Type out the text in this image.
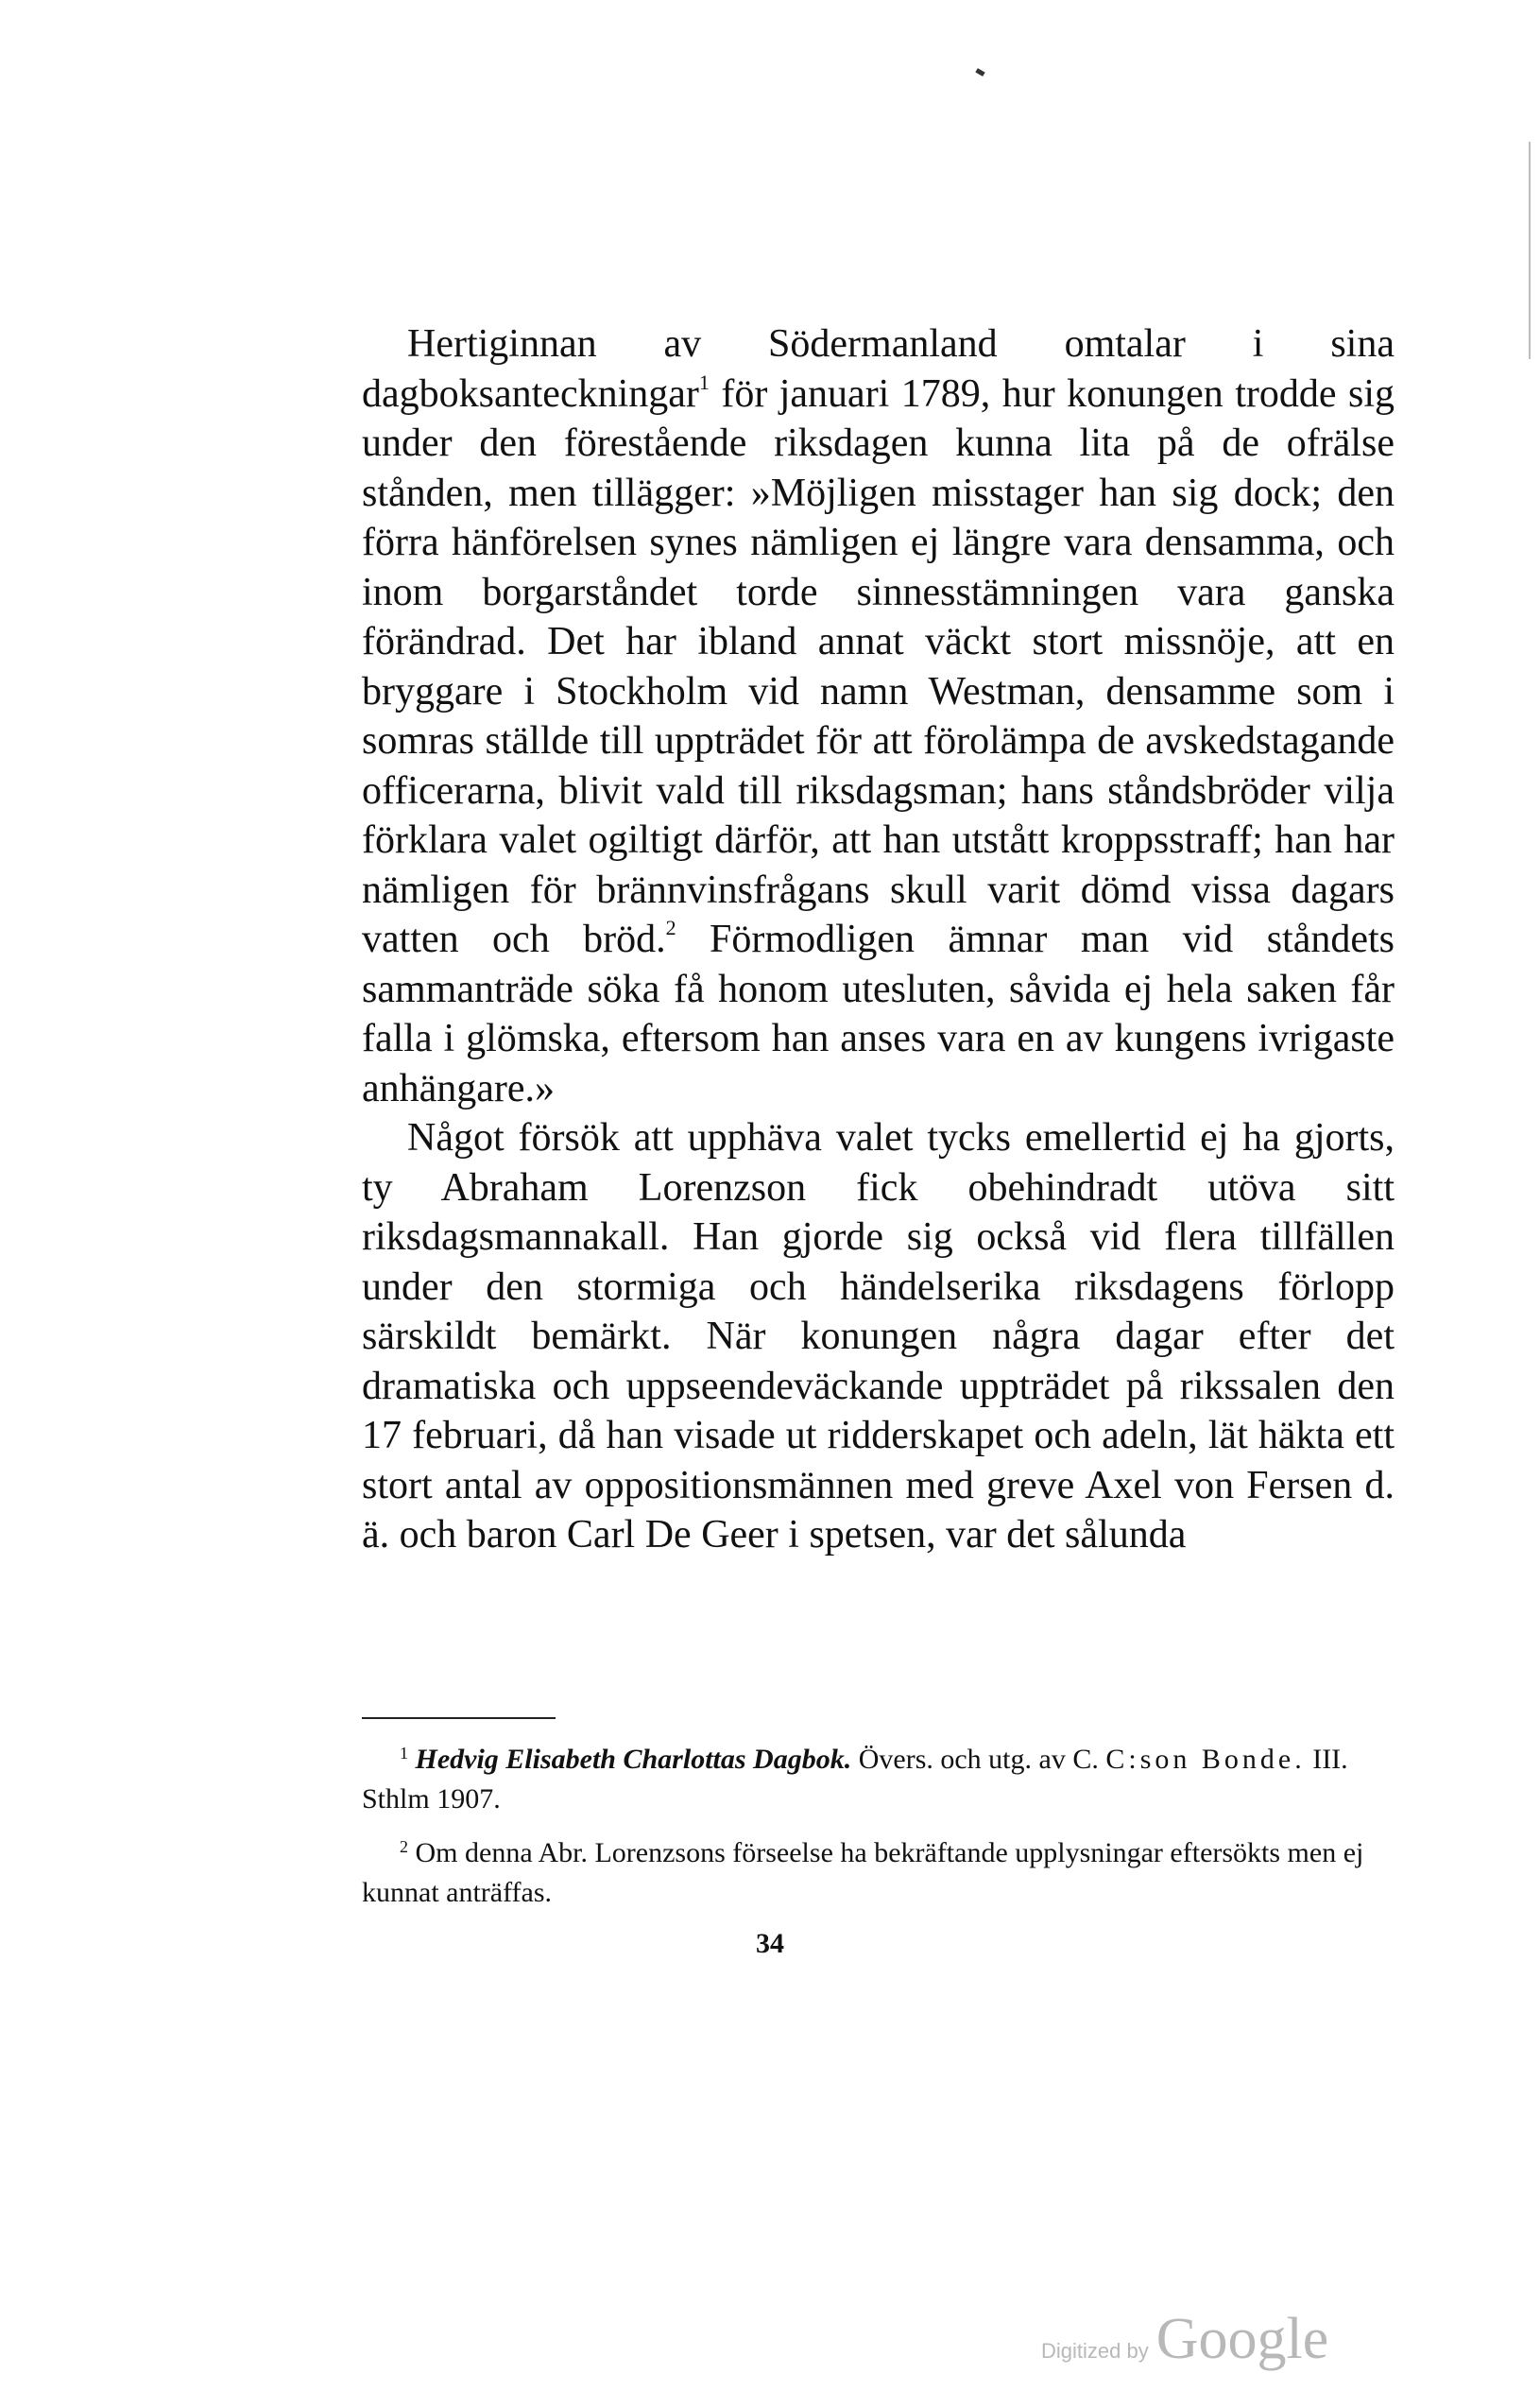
Hertiginnan av Södermanland omtalar i sina dagboksanteckningar$^1$ för januari 1789, hur konungen trodde sig under den förestående riksdagen kunna lita på de ofrälse stånden, men tillägger: »Möjligen misstager han sig dock; den förra hänförelsen synes nämligen ej längre vara densamma, och inom borgarståndet torde sinnesstämningen vara ganska förändrad. Det har ibland annat väckt stort missnöje, att en bryggare i Stockholm vid namn Westman, densamme som i somras ställde till uppträdet för att förolämpa de avskedstagande officerarna, blivit vald till riksdagsman; hans ståndsbröder vilja förklara valet ogiltigt därför, att han utstått kroppsstraff; han har nämligen för brännvinsfrågans skull varit dömd vissa dagars vatten och bröd.$^2$ Förmodligen ämnar man vid ståndets sammanträde söka få honom utesluten, såvida ej hela saken får falla i glömska, eftersom han anses vara en av kungens ivrigaste anhängare.»

Något försök att upphäva valet tycks emellertid ej ha gjorts, ty Abraham Lorenzson fick obehindradt utöva sitt riksdagsmannakall. Han gjorde sig också vid flera tillfällen under den stormiga och händelserika riksdagens förlopp särskildt bemärkt. När konungen några dagar efter det dramatiska och uppseendeväckande uppträdet på rikssalen den 17 februari, då han visade ut ridderskapet och adeln, lät häkta ett stort antal av oppositionsmännen med greve Axel von Fersen d. ä. och baron Carl De Geer i spetsen, var det sålunda

$^1$ Hedvig Elisabeth Charlottas Dagbok. Övers. och utg. av C. C:son Bonde. III. Sthlm 1907.

$^2$ Om denna Abr. Lorenzsons förseelse ha bekräftande upplysningar eftersökts men ej kunnat anträffas.

34
Digitized by Google
